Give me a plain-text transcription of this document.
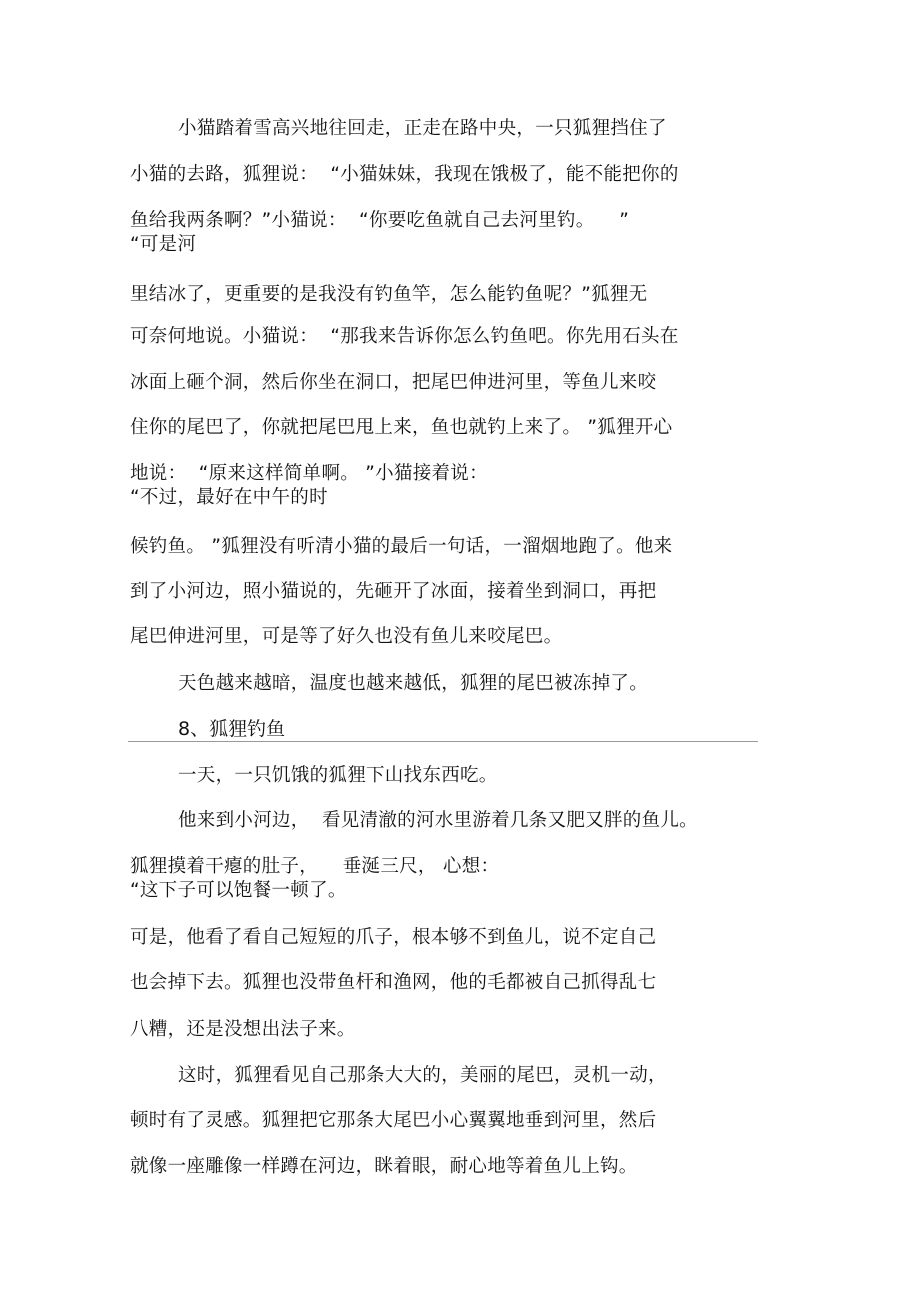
小猫踏着雪高兴地往回走，正走在路中央，一只狐狸挡住了
小猫的去路，狐狸说：  “小猫妹妹，我现在饿极了，能不能把你的
鱼给我两条啊？”小猫说：  “你要吃鱼就自己去河里钓。    ”
“可是河
里结冰了，更重要的是我没有钓鱼竿，怎么能钓鱼呢？”狐狸无
可奈何地说。小猫说：  “那我来告诉你怎么钓鱼吧。你先用石头在
冰面上砸个洞，然后你坐在洞口，把尾巴伸进河里，等鱼儿来咬
住你的尾巴了，你就把尾巴甩上来，鱼也就钓上来了。 ”狐狸开心
地说：  “原来这样简单啊。 ”小猫接着说：
“不过，最好在中午的时
候钓鱼。 ”狐狸没有听清小猫的最后一句话，一溜烟地跑了。他来
到了小河边，照小猫说的，先砸开了冰面，接着坐到洞口，再把
尾巴伸进河里，可是等了好久也没有鱼儿来咬尾巴。
天色越来越暗，温度也越来越低，狐狸的尾巴被冻掉了。
8、狐狸钓鱼
一天，一只饥饿的狐狸下山找东西吃。
他来到小河边，  看见清澈的河水里游着几条又肥又胖的鱼儿。
狐狸摸着干瘪的肚子，    垂涎三尺， 心想：
“这下子可以饱餐一顿了。
可是，他看了看自己短短的爪子，根本够不到鱼儿，说不定自己
也会掉下去。狐狸也没带鱼杆和渔网，他的毛都被自己抓得乱七
八糟，还是没想出法子来。
这时，狐狸看见自己那条大大的，美丽的尾巴，灵机一动，
顿时有了灵感。狐狸把它那条大尾巴小心翼翼地垂到河里，然后
就像一座雕像一样蹲在河边，眯着眼，耐心地等着鱼儿上钩。
